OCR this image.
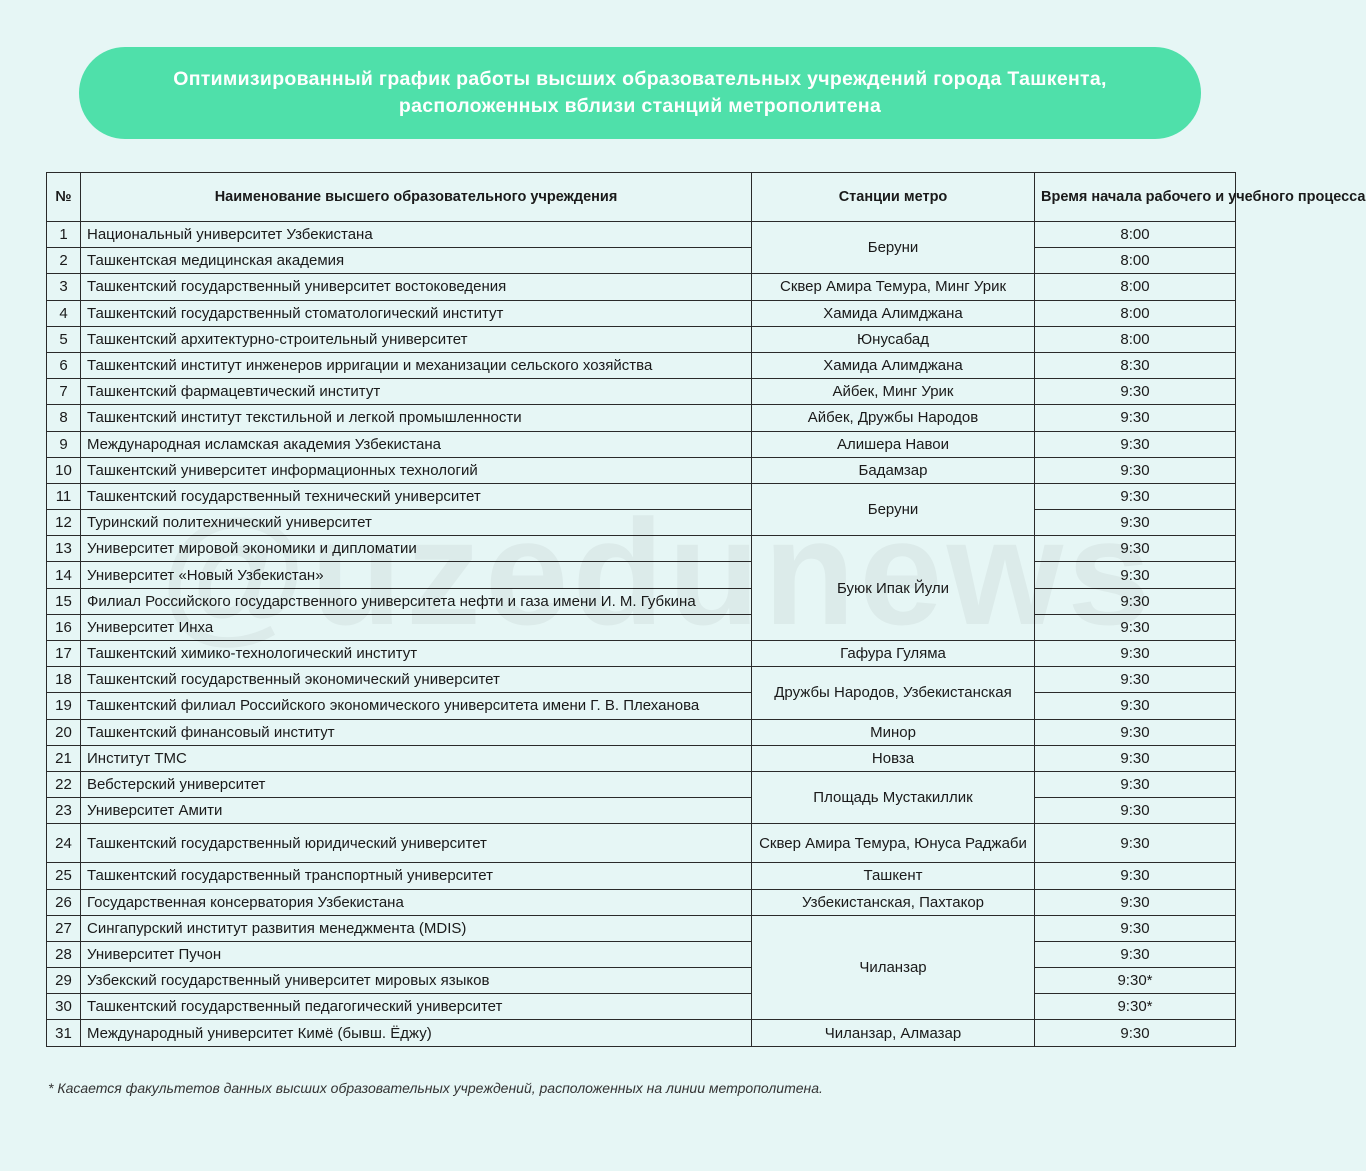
Оптимизированный график работы высших образовательных учреждений города Ташкента,
расположенных вблизи станций метрополитена
№	Наименование высшего образовательного учреждения	Станции метро	Время начала рабочего и учебного процесса
1	Национальный университет Узбекистана	Беруни	8:00
2	Ташкентская медицинская академия		8:00
3	Ташкентский государственный университет востоковедения	Сквер Амира Темура, Минг Урик	8:00
4	Ташкентский государственный стоматологический институт	Хамида Алимджана	8:00
5	Ташкентский архитектурно-строительный университет	Юнусабад	8:00
6	Ташкентский институт инженеров ирригации и механизации сельского хозяйства	Хамида Алимджана	8:30
7	Ташкентский фармацевтический институт	Айбек, Минг Урик	9:30
8	Ташкентский институт текстильной и легкой промышленности	Айбек, Дружбы Народов	9:30
9	Международная исламская академия Узбекистана	Алишера Навои	9:30
10	Ташкентский университет информационных технологий	Бадамзар	9:30
11	Ташкентский государственный технический университет	Беруни	9:30
12	Туринский политехнический университет		9:30
13	Университет мировой экономики и дипломатии	Буюк Ипак Йули	9:30
14	Университет «Новый Узбекистан»		9:30
15	Филиал Российского государственного университета нефти и газа имени И. М. Губкина		9:30
16	Университет Инха		9:30
17	Ташкентский химико-технологический институт	Гафура Гуляма	9:30
18	Ташкентский государственный экономический университет	Дружбы Народов, Узбекистанская	9:30
19	Ташкентский филиал Российского экономического университета имени Г. В. Плеханова		9:30
20	Ташкентский финансовый институт	Минор	9:30
21	Институт TMC	Новза	9:30
22	Вебстерский университет	Площадь Мустакиллик	9:30
23	Университет Амити		9:30
24	Ташкентский государственный юридический университет	Сквер Амира Темура, Юнуса Раджаби	9:30
25	Ташкентский государственный транспортный университет	Ташкент	9:30
26	Государственная консерватория Узбекистана	Узбекистанская, Пахтакор	9:30
27	Сингапурский институт развития менеджмента (MDIS)	Чиланзар	9:30
28	Университет Пучон		9:30
29	Узбекский государственный университет мировых языков		9:30*
30	Ташкентский государственный педагогический университет		9:30*
31	Международный университет Кимё (бывш. Ёджу)	Чиланзар, Алмазар	9:30
* Касается факультетов данных высших образовательных учреждений, расположенных на линии метрополитена.
